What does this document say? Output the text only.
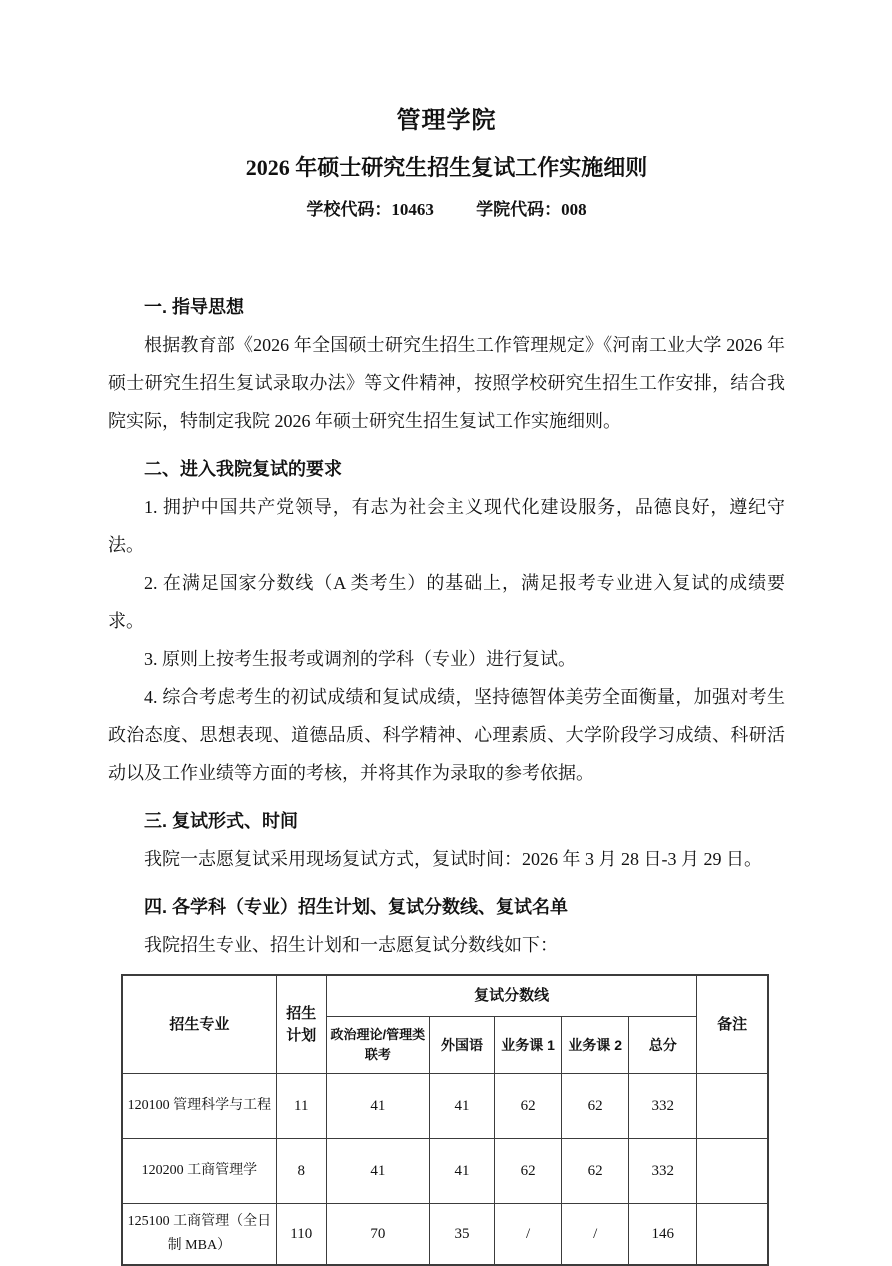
管理学院
2026 年硕士研究生招生复试工作实施细则

学校代码：10463 学院代码：008

一. 指导思想

根据教育部《2026 年全国硕士研究生招生工作管理规定》《河南工业大学 2026 年硕士研究生招生复试录取办法》等文件精神，按照学校研究生招生工作安排，结合我院实际，特制定我院 2026 年硕士研究生招生复试工作实施细则。

二、进入我院复试的要求

1. 拥护中国共产党领导，有志为社会主义现代化建设服务，品德良好，遵纪守法。

2. 在满足国家分数线（A 类考生）的基础上，满足报考专业进入复试的成绩要求。

3. 原则上按考生报考或调剂的学科（专业）进行复试。

4. 综合考虑考生的初试成绩和复试成绩，坚持德智体美劳全面衡量，加强对考生政治态度、思想表现、道德品质、科学精神、心理素质、大学阶段学习成绩、科研活动以及工作业绩等方面的考核，并将其作为录取的参考依据。

三. 复试形式、时间

我院一志愿复试采用现场复试方式，复试时间：2026 年 3 月 28 日-3 月 29 日。

四. 各学科（专业）招生计划、复试分数线、复试名单

我院招生专业、招生计划和一志愿复试分数线如下：

招生专业	招生计划	复试分数线					备注
		政治理论/管理类联考	外国语	业务课 1	业务课 2	总分	
120100 管理科学与工程	11	41	41	62	62	332	
120200 工商管理学	8	41	41	62	62	332	
125100 工商管理（全日制 MBA）	110	70	35	/	/	146	
